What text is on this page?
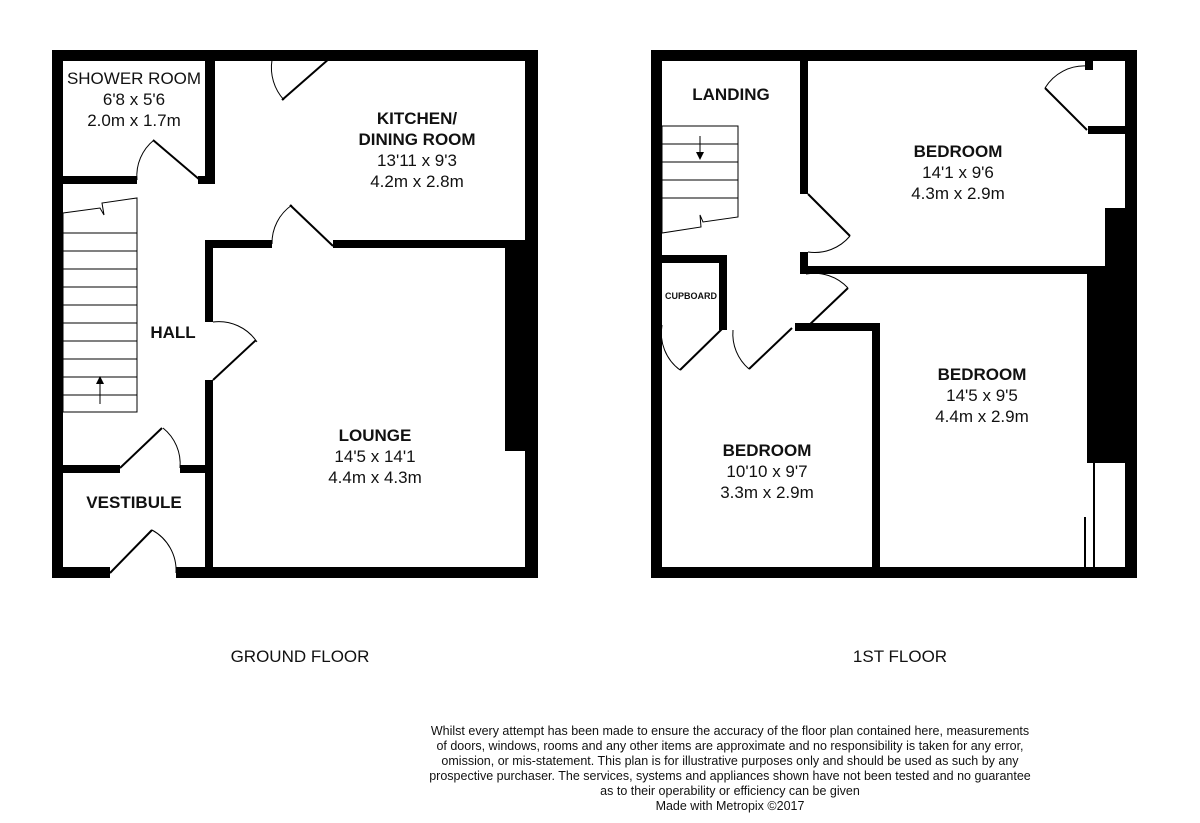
SHOWER ROOM
6'8 x 5'6
2.0m x 1.7m	KITCHEN/
DINING ROOM
13'11 x 9'3
4.2m x 2.8m
HALL
LOUNGE
14'5 x 14'1
4.4m x 4.3m
VESTIBULE
GROUND FLOOR
LANDING
BEDROOM
14'1 x 9'6
4.3m x 2.9m
BEDROOM
14'5 x 9'5
4.4m x 2.9m
BEDROOM
10'10 x 9'7
3.3m x 2.9m
CUPBOARD
1ST FLOOR
Whilst every attempt has been made to ensure the accuracy of the floor plan contained here, measurements
of doors, windows, rooms and any other items are approximate and no responsibility is taken for any error,
omission, or mis-statement. This plan is for illustrative purposes only and should be used as such by any
prospective purchaser. The services, systems and appliances shown have not been tested and no guarantee
as to their operability or efficiency can be given
Made with Metropix ©2017
